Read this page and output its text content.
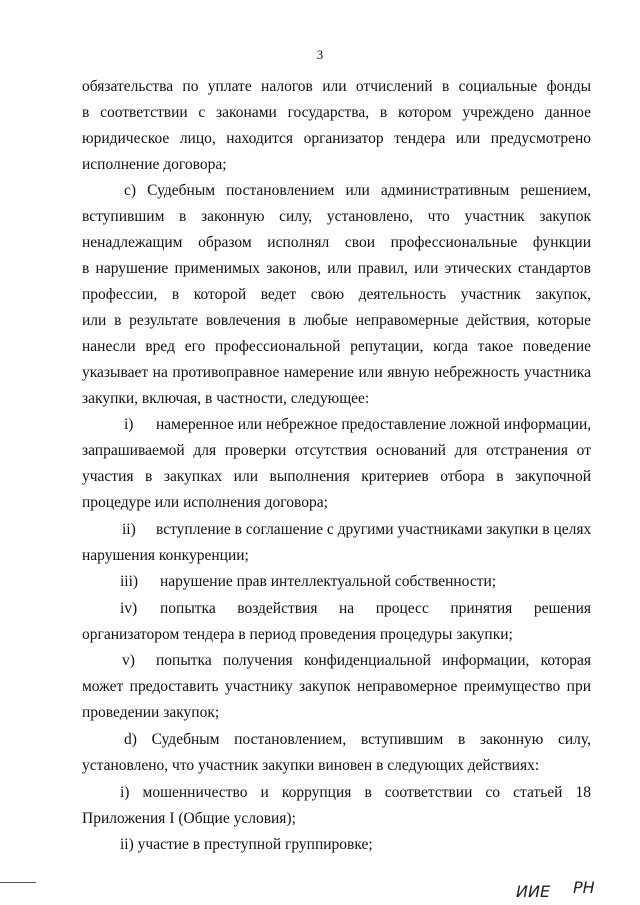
3
обязательства по уплате налогов или отчислений в социальные фонды
в соответствии с законами государства, в котором учреждено данное
юридическое лицо, находится организатор тендера или предусмотрено
исполнение договора;
c) Судебным постановлением или административным решением,
вступившим в законную силу, установлено, что участник закупок
ненадлежащим образом исполнял свои профессиональные функции
в нарушение применимых законов, или правил, или этических стандартов
профессии, в которой ведет свою деятельность участник закупок,
или в результате вовлечения в любые неправомерные действия, которые
нанесли вред его профессиональной репутации, когда такое поведение
указывает на противоправное намерение или явную небрежность участника
закупки, включая, в частности, следующее:
i) намеренное или небрежное предоставление ложной информации,
запрашиваемой для проверки отсутствия оснований для отстранения от
участия в закупках или выполнения критериев отбора в закупочной
процедуре или исполнения договора;
ii) вступление в соглашение с другими участниками закупки в целях
нарушения конкуренции;
iii) нарушение прав интеллектуальной собственности;
iv) попытка воздействия на процесс принятия решения
организатором тендера в период проведения процедуры закупки;
v) попытка получения конфиденциальной информации, которая
может предоставить участнику закупок неправомерное преимущество при
проведении закупок;
d) Судебным постановлением, вступившим в законную силу,
установлено, что участник закупки виновен в следующих действиях:
i) мошенничество и коррупция в соответствии со статьей 18
Приложения I (Общие условия);
ii) участие в преступной группировке;
ИИЕ PH
